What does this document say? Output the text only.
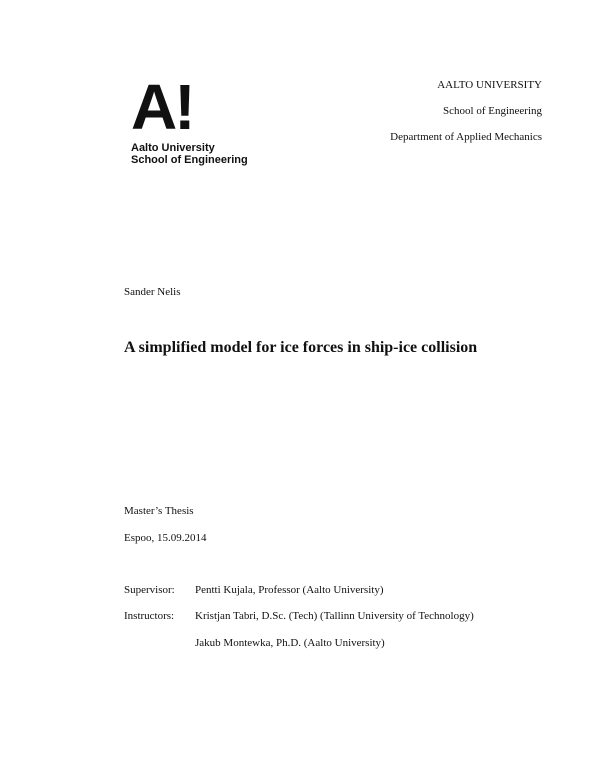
A!
Aalto University
School of Engineering
AALTO UNIVERSITY
School of Engineering
Department of Applied Mechanics
Sander Nelis
A simplified model for ice forces in ship-ice collision
Master’s Thesis
Espoo, 15.09.2014
Supervisor: Pentti Kujala, Professor (Aalto University)
Instructors: Kristjan Tabri, D.Sc. (Tech) (Tallinn University of Technology)
Jakub Montewka, Ph.D. (Aalto University)
